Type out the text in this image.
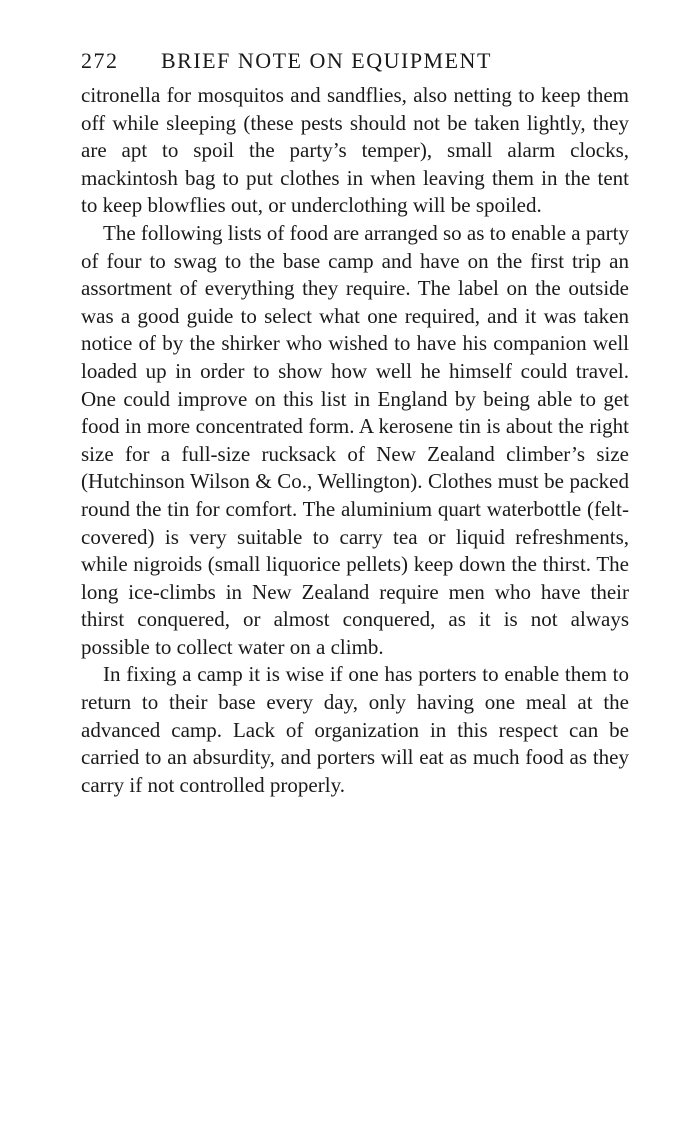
272	BRIEF NOTE ON EQUIPMENT

citronella for mosquitos and sandflies, also netting to keep them off while sleeping (these pests should not be taken lightly, they are apt to spoil the party’s temper), small alarm clocks, mackintosh bag to put clothes in when leaving them in the tent to keep blowflies out, or underclothing will be spoiled.

The following lists of food are arranged so as to enable a party of four to swag to the base camp and have on the first trip an assortment of everything they require. The label on the outside was a good guide to select what one required, and it was taken notice of by the shirker who wished to have his companion well loaded up in order to show how well he himself could travel. One could improve on this list in England by being able to get food in more concentrated form. A kerosene tin is about the right size for a full-size rucksack of New Zealand climber’s size (Hutchinson Wilson & Co., Wellington). Clothes must be packed round the tin for comfort. The aluminium quart waterbottle (felt-covered) is very suitable to carry tea or liquid refreshments, while nigroids (small liquorice pellets) keep down the thirst. The long ice-climbs in New Zealand require men who have their thirst conquered, or almost conquered, as it is not always possible to collect water on a climb.

In fixing a camp it is wise if one has porters to enable them to return to their base every day, only having one meal at the advanced camp. Lack of organization in this respect can be carried to an absurdity, and porters will eat as much food as they carry if not controlled properly.
